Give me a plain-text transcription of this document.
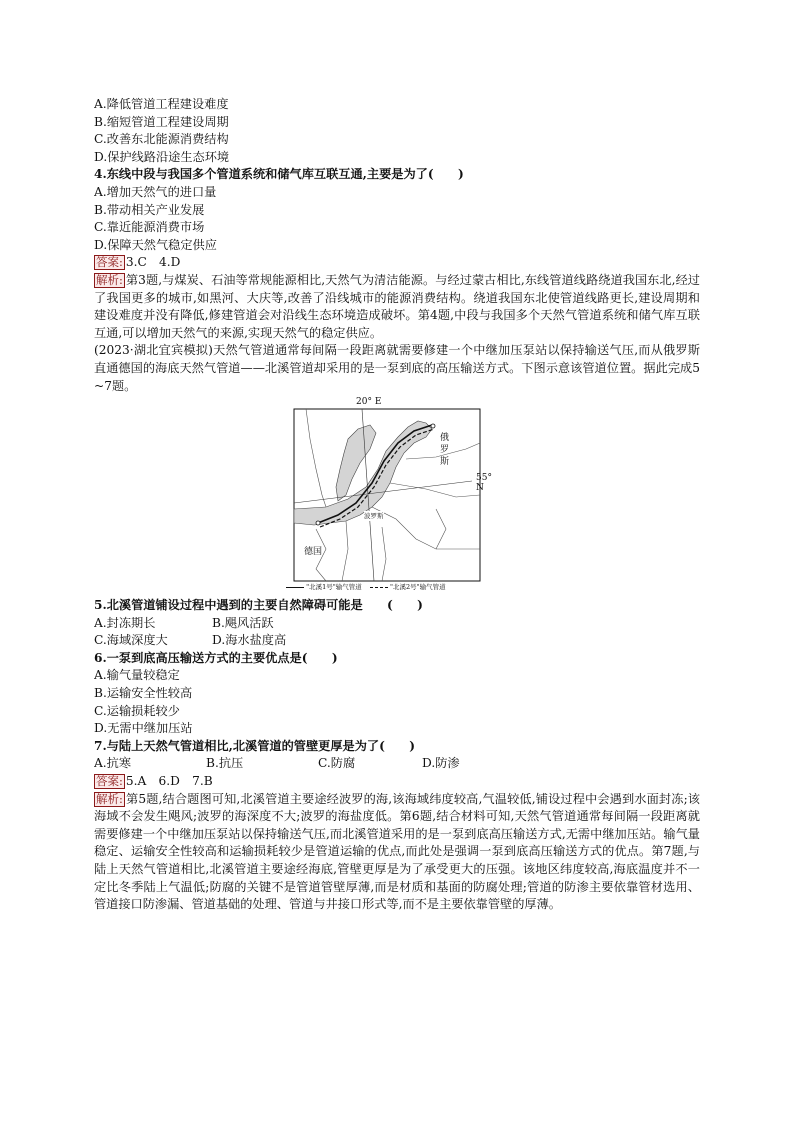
A.降低管道工程建设难度
B.缩短管道工程建设周期
C.改善东北能源消费结构
D.保护线路沿途生态环境
4.东线中段与我国多个管道系统和储气库互联互通,主要是为了(　　)
A.增加天然气的进口量
B.带动相关产业发展
C.靠近能源消费市场
D.保障天然气稳定供应
答案: 3.C　4.D
解析: 第3题,与煤炭、石油等常规能源相比,天然气为清洁能源。与经过蒙古相比,东线管道线路绕道我国东北,经过了我国更多的城市,如黑河、大庆等,改善了沿线城市的能源消费结构。绕道我国东北使管道线路更长,建设周期和建设难度并没有降低,修建管道会对沿线生态环境造成破坏。第4题,中段与我国多个天然气管道系统和储气库互联互通,可以增加天然气的来源,实现天然气的稳定供应。
(2023·湖北宜宾模拟)天然气管道通常每间隔一段距离就需要修建一个中继加压泵站以保持输送气压,而从俄罗斯直通德国的海底天然气管道——北溪管道却采用的是一泵到底的高压输送方式。下图示意该管道位置。据此完成5~7题。
20° E
55° N
俄
罗
斯
德国
波罗斯
"北溪1号"输气管道	"北溪2号"输气管道
5.北溪管道铺设过程中遇到的主要自然障碍可能是　　(　　)
A.封冻期长	B.飓风活跃
C.海域深度大	D.海水盐度高
6.一泵到底高压输送方式的主要优点是(　　)
A.输气量较稳定
B.运输安全性较高
C.运输损耗较少
D.无需中继加压站
7.与陆上天然气管道相比,北溪管道的管壁更厚是为了(　　)
A.抗寒	B.抗压	C.防腐	D.防渗
答案: 5.A　6.D　7.B
解析: 第5题,结合题图可知,北溪管道主要途经波罗的海,该海域纬度较高,气温较低,铺设过程中会遇到水面封冻;该海域不会发生飓风;波罗的海深度不大;波罗的海盐度低。第6题,结合材料可知,天然气管道通常每间隔一段距离就需要修建一个中继加压泵站以保持输送气压,而北溪管道采用的是一泵到底高压输送方式,无需中继加压站。输气量稳定、运输安全性较高和运输损耗较少是管道运输的优点,而此处是强调一泵到底高压输送方式的优点。第7题,与陆上天然气管道相比,北溪管道主要途经海底,管壁更厚是为了承受更大的压强。该地区纬度较高,海底温度并不一定比冬季陆上气温低;防腐的关键不是管道管壁厚薄,而是材质和基面的防腐处理;管道的防渗主要依靠管材选用、管道接口防渗漏、管道基础的处理、管道与井接口形式等,而不是主要依靠管壁的厚薄。
